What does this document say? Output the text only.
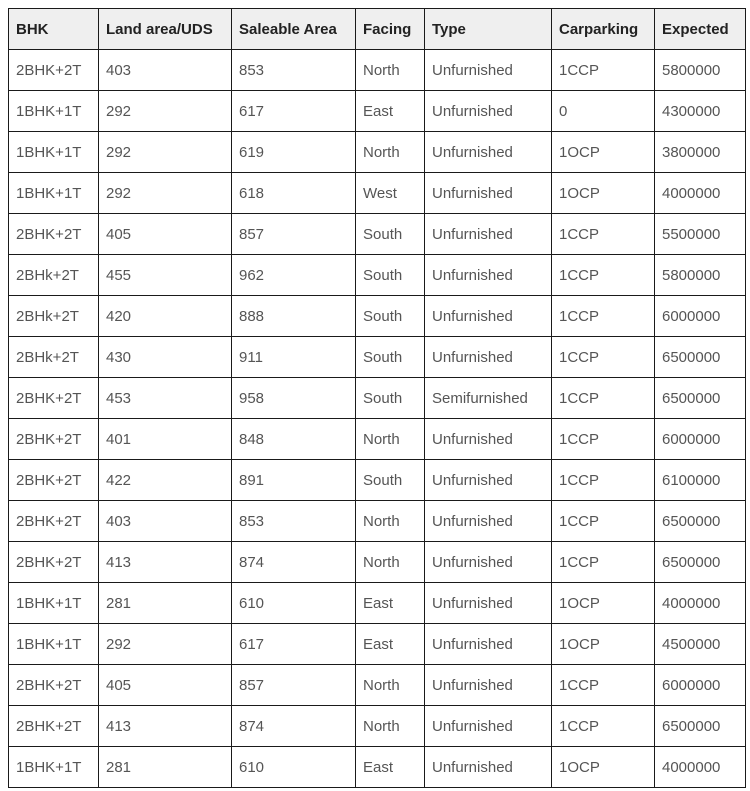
BHK	Land area/UDS	Saleable Area	Facing	Type	Carparking	Expected
2BHK+2T	403	853	North	Unfurnished	1CCP	5800000
1BHK+1T	292	617	East	Unfurnished	0	4300000
1BHK+1T	292	619	North	Unfurnished	1OCP	3800000
1BHK+1T	292	618	West	Unfurnished	1OCP	4000000
2BHK+2T	405	857	South	Unfurnished	1CCP	5500000
2BHk+2T	455	962	South	Unfurnished	1CCP	5800000
2BHk+2T	420	888	South	Unfurnished	1CCP	6000000
2BHk+2T	430	911	South	Unfurnished	1CCP	6500000
2BHK+2T	453	958	South	Semifurnished	1CCP	6500000
2BHK+2T	401	848	North	Unfurnished	1CCP	6000000
2BHK+2T	422	891	South	Unfurnished	1CCP	6100000
2BHK+2T	403	853	North	Unfurnished	1CCP	6500000
2BHK+2T	413	874	North	Unfurnished	1CCP	6500000
1BHK+1T	281	610	East	Unfurnished	1OCP	4000000
1BHK+1T	292	617	East	Unfurnished	1OCP	4500000
2BHK+2T	405	857	North	Unfurnished	1CCP	6000000
2BHK+2T	413	874	North	Unfurnished	1CCP	6500000
1BHK+1T	281	610	East	Unfurnished	1OCP	4000000
